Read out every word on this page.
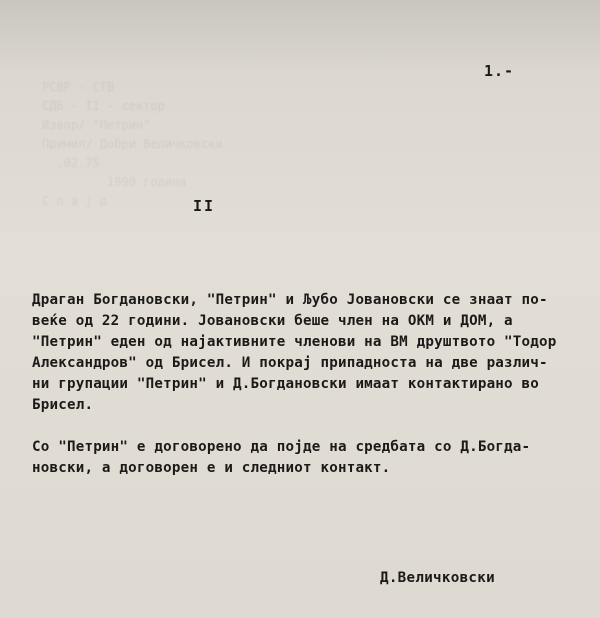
РСВР - СТВ
СДБ - II - сектор
Извор/ "Петрин"
Примил/ Добри Величковски
.02.75
1990 година
С л а ј д
1.-
II
Драган Богдановски, "Петрин" и Љубо Јовановски се знаат по-
веќе од 22 години. Јовановски беше член на ОКМ и ДОМ, а
"Петрин" еден од најактивните членови на ВМ друштвото "Тодор
Александров" од Брисел. И покрај припадноста на две различ-
ни групации "Петрин" и Д.Богдановски имаат контактирано во
Брисел.
Со "Петрин" е договорено да појде на средбата со Д.Богда-
новски, а договорен е и следниот контакт.
Д.Величковски
